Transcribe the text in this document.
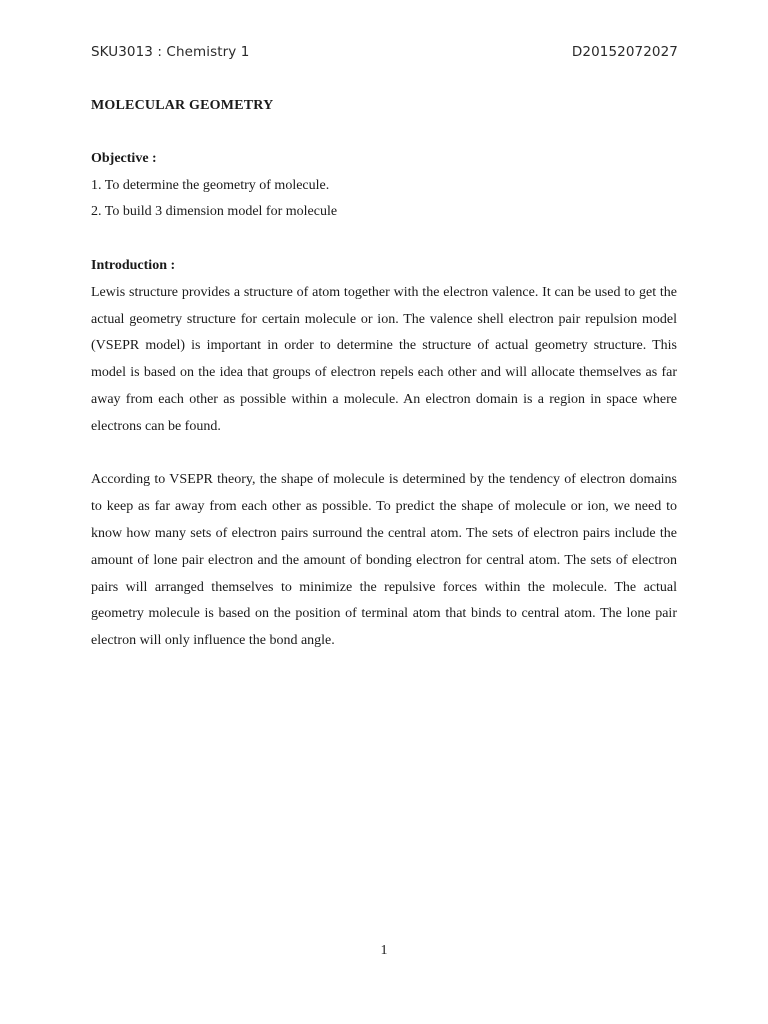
SKU3013 : Chemistry 1	D20152072027

MOLECULAR GEOMETRY

Objective :

1. To determine the geometry of molecule.

2. To build 3 dimension model for molecule

Introduction :

Lewis structure provides a structure of atom together with the electron valence. It can be used to get the actual geometry structure for certain molecule or ion. The valence shell electron pair repulsion model (VSEPR model) is important in order to determine the structure of actual geometry structure. This model is based on the idea that groups of electron repels each other and will allocate themselves as far away from each other as possible within a molecule. An electron domain is a region in space where electrons can be found.

According to VSEPR theory, the shape of molecule is determined by the tendency of electron domains to keep as far away from each other as possible. To predict the shape of molecule or ion, we need to know how many sets of electron pairs surround the central atom. The sets of electron pairs include the amount of lone pair electron and the amount of bonding electron for central atom. The sets of electron pairs will arranged themselves to minimize the repulsive forces within the molecule. The actual geometry molecule is based on the position of terminal atom that binds to central atom. The lone pair electron will only influence the bond angle.

1
